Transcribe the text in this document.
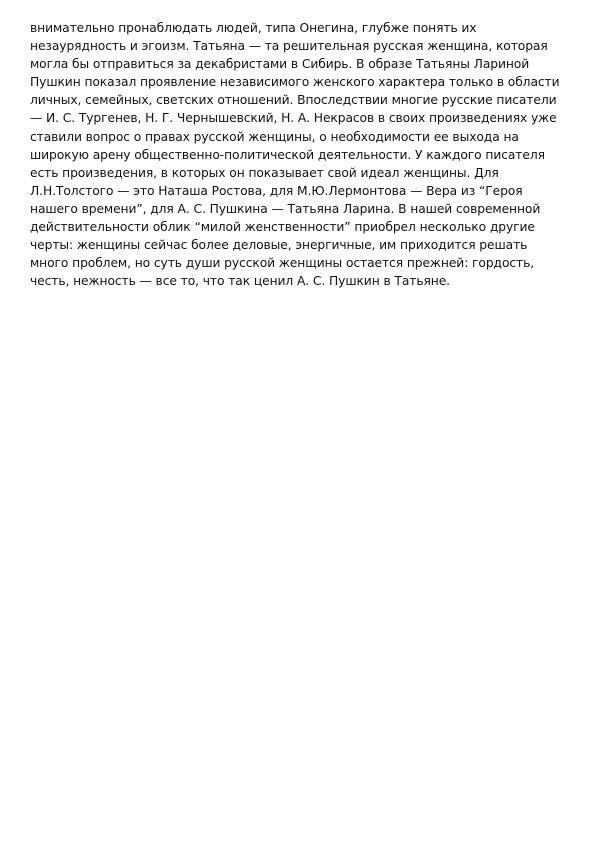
внимательно пронаблюдать людей, типа Онегина, глубже понять их
незаурядность и эгоизм. Татьяна — та решительная русская женщина, которая
могла бы отправиться за декабристами в Сибирь. В образе Татьяны Лариной
Пушкин показал проявление независимого женского характера только в области
личных, семейных, светских отношений. Впоследствии многие русские писатели
— И. С. Тургенев, Н. Г. Чернышевский, Н. А. Некрасов в своих произведениях уже
ставили вопрос о правах русской женщины, о необходимости ее выхода на
широкую арену общественно-политической деятельности. У каждого писателя
есть произведения, в которых он показывает свой идеал женщины. Для
Л.Н.Толстого — это Наташа Ростова, для М.Ю.Лермонтова — Вера из “Героя
нашего времени”, для А. С. Пушкина — Татьяна Ларина. В нашей современной
действительности облик “милой женственности” приобрел несколько другие
черты: женщины сейчас более деловые, энергичные, им приходится решать
много проблем, но суть души русской женщины остается прежней: гордость,
честь, нежность — все то, что так ценил А. С. Пушкин в Татьяне.
